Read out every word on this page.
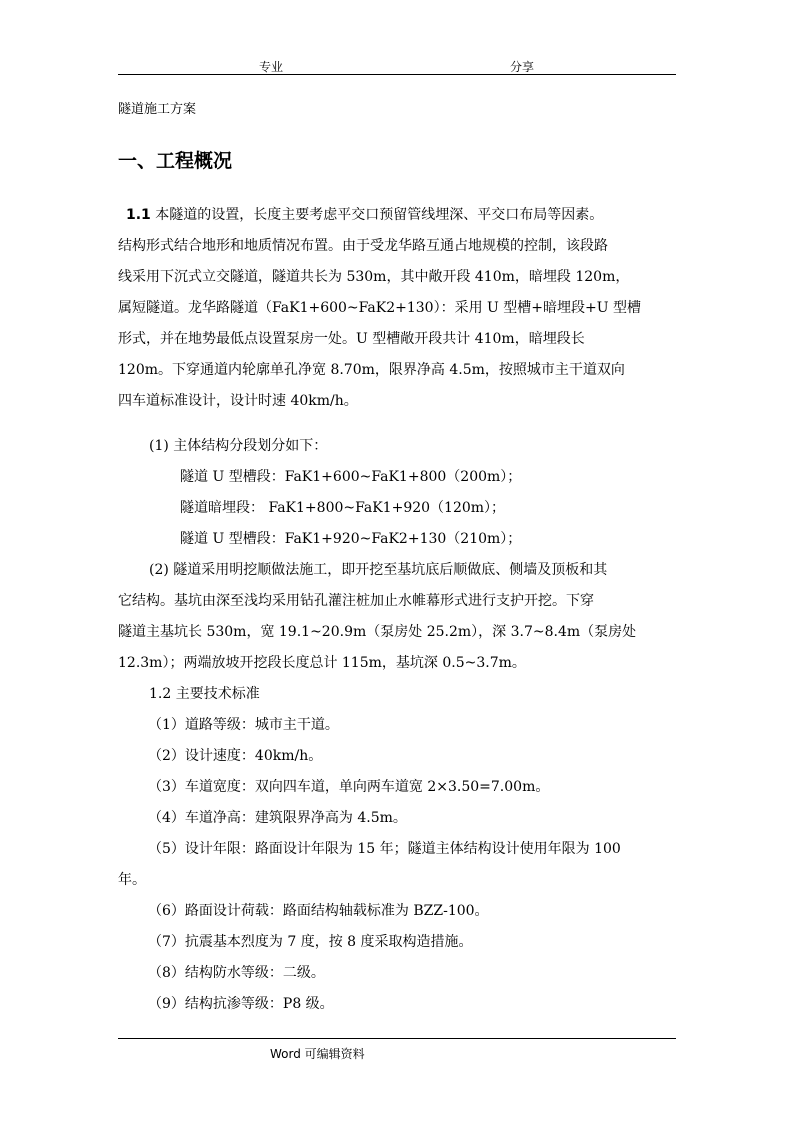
专业	分享
隧道施工方案
一、工程概况
1.1 本隧道的设置，长度主要考虑平交口预留管线埋深、平交口布局等因素。
结构形式结合地形和地质情况布置。由于受龙华路互通占地规模的控制，该段路
线采用下沉式立交隧道，隧道共长为 530m，其中敞开段 410m，暗埋段 120m，
属短隧道。龙华路隧道（FaK1+600~FaK2+130）：采用 U 型槽+暗埋段+U 型槽
形式，并在地势最低点设置泵房一处。U 型槽敞开段共计 410m，暗埋段长
120m。下穿通道内轮廓单孔净宽 8.70m，限界净高 4.5m，按照城市主干道双向
四车道标准设计，设计时速 40km/h。
(1) 主体结构分段划分如下：
隧道 U 型槽段：FaK1+600~FaK1+800（200m）；
隧道暗埋段： FaK1+800~FaK1+920（120m）；
隧道 U 型槽段：FaK1+920~FaK2+130（210m）；
(2) 隧道采用明挖顺做法施工，即开挖至基坑底后顺做底、侧墙及顶板和其
它结构。基坑由深至浅均采用钻孔灌注桩加止水帷幕形式进行支护开挖。下穿
隧道主基坑长 530m，宽 19.1~20.9m（泵房处 25.2m），深 3.7~8.4m（泵房处
12.3m）；两端放坡开挖段长度总计 115m，基坑深 0.5~3.7m。
1.2 主要技术标准
（1）道路等级：城市主干道。
（2）设计速度：40km/h。
（3）车道宽度：双向四车道，单向两车道宽 2×3.50=7.00m。
（4）车道净高：建筑限界净高为 4.5m。
（5）设计年限：路面设计年限为 15 年；隧道主体结构设计使用年限为 100
年。
（6）路面设计荷载：路面结构轴载标准为 BZZ-100。
（7）抗震基本烈度为 7 度，按 8 度采取构造措施。
（8）结构防水等级：二级。
（9）结构抗渗等级：P8 级。
Word 可编辑资料
